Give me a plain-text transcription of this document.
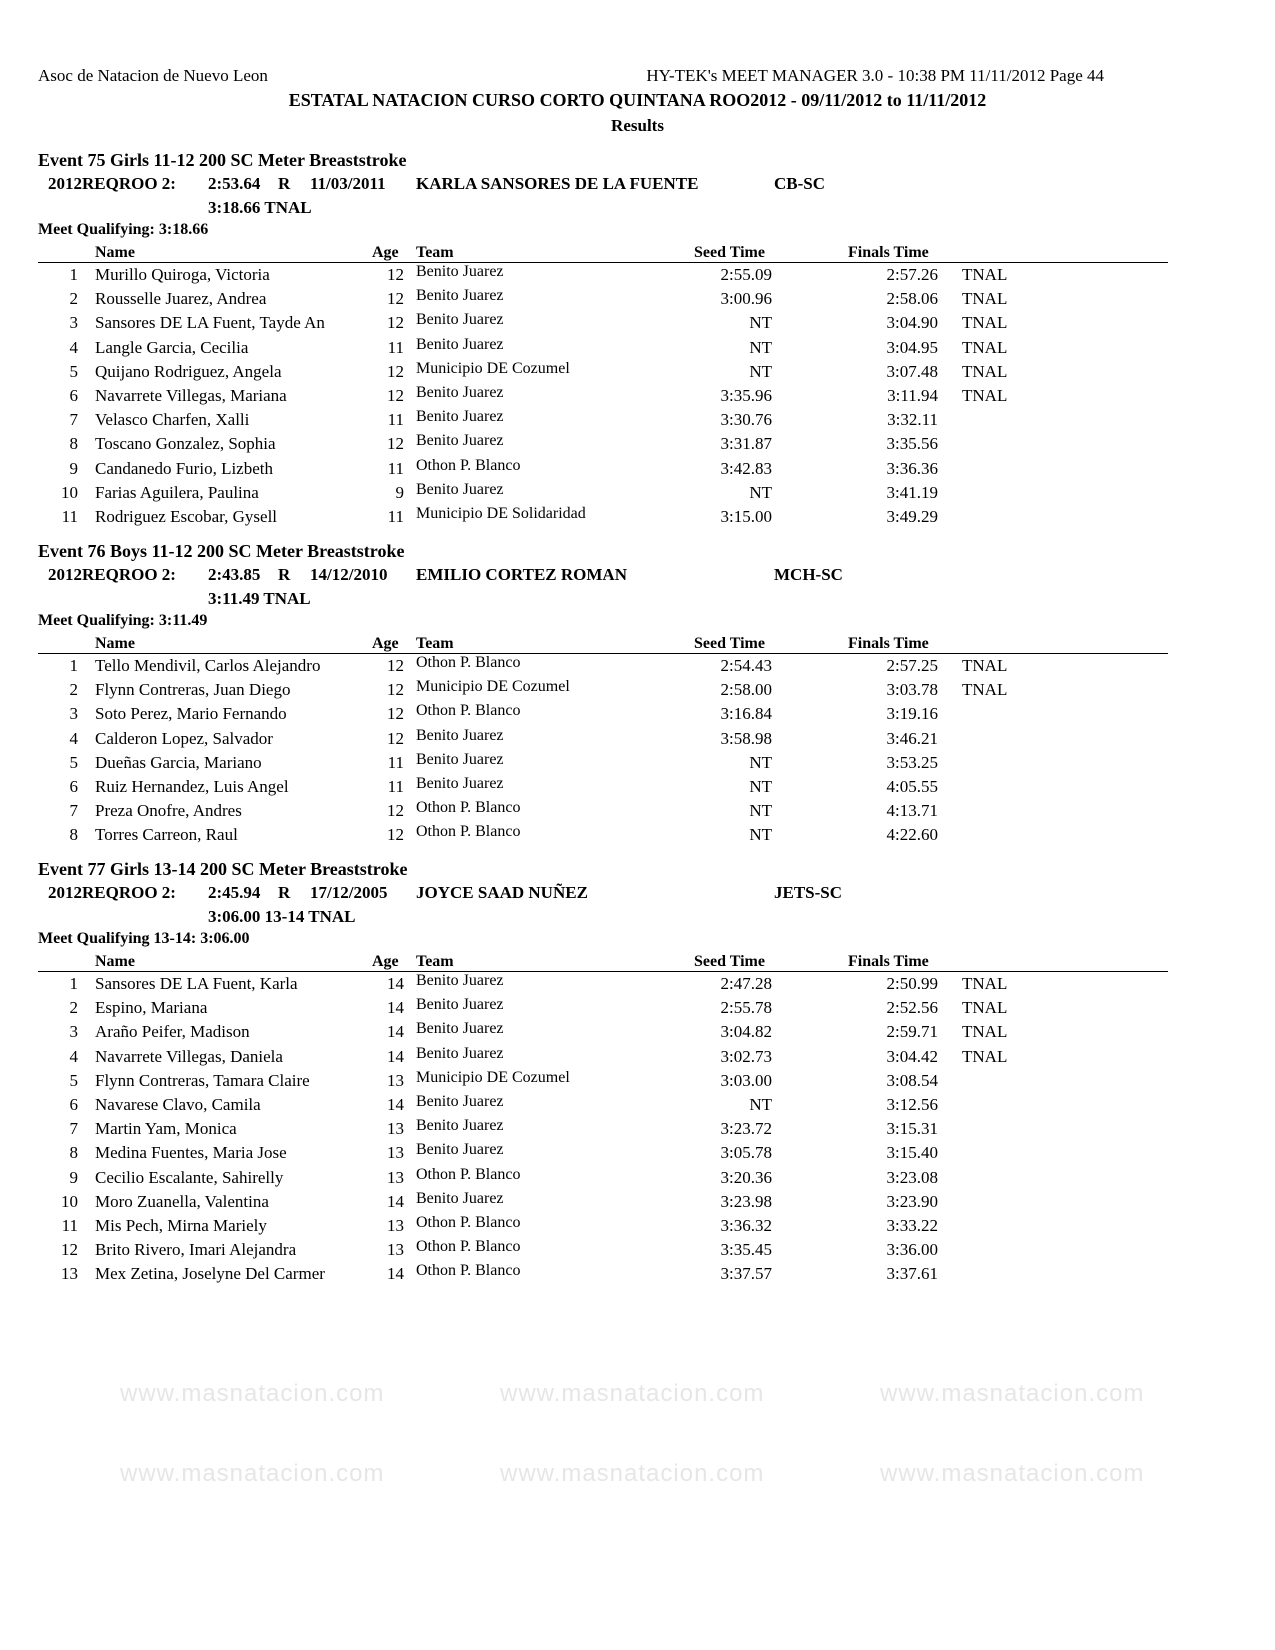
Asoc de Natacion de Nuevo Leon	HY-TEK's MEET MANAGER 3.0 - 10:38 PM 11/11/2012 Page 44
ESTATAL NATACION CURSO CORTO QUINTANA ROO2012 - 09/11/2012 to 11/11/2012
Results
www.masnatacion.com	www.masnatacion.com	www.masnatacion.com
www.masnatacion.com	www.masnatacion.com	www.masnatacion.com
Event 75 Girls 11-12 200 SC Meter Breaststroke
2012REQROO 2: 2:53.64 R 11/03/2011 KARLA SANSORES DE LA FUENTE	CB-SC
3:18.66 TNAL
Meet Qualifying: 3:18.66
Name	Age Team	Seed Time	Finals Time
1 Murillo Quiroga, Victoria	12 Benito Juarez	2:55.09	2:57.26 TNAL
2 Rousselle Juarez, Andrea	12 Benito Juarez	3:00.96	2:58.06 TNAL
3 Sansores DE LA Fuent, Tayde An	12 Benito Juarez	NT	3:04.90 TNAL
4 Langle Garcia, Cecilia	11 Benito Juarez	NT	3:04.95 TNAL
5 Quijano Rodriguez, Angela	12 Municipio DE Cozumel	NT	3:07.48 TNAL
6 Navarrete Villegas, Mariana	12 Benito Juarez	3:35.96	3:11.94 TNAL
7 Velasco Charfen, Xalli	11 Benito Juarez	3:30.76	3:32.11
8 Toscano Gonzalez, Sophia	12 Benito Juarez	3:31.87	3:35.56
9 Candanedo Furio, Lizbeth	11 Othon P. Blanco	3:42.83	3:36.36
10 Farias Aguilera, Paulina	9 Benito Juarez	NT	3:41.19
11 Rodriguez Escobar, Gysell	11 Municipio DE Solidaridad	3:15.00	3:49.29
Event 76 Boys 11-12 200 SC Meter Breaststroke
2012REQROO 2: 2:43.85 R 14/12/2010 EMILIO CORTEZ ROMAN	MCH-SC
3:11.49 TNAL
Meet Qualifying: 3:11.49
Name	Age Team	Seed Time	Finals Time
1 Tello Mendivil, Carlos Alejandro	12 Othon P. Blanco	2:54.43	2:57.25 TNAL
2 Flynn Contreras, Juan Diego	12 Municipio DE Cozumel	2:58.00	3:03.78 TNAL
3 Soto Perez, Mario Fernando	12 Othon P. Blanco	3:16.84	3:19.16
4 Calderon Lopez, Salvador	12 Benito Juarez	3:58.98	3:46.21
5 Dueñas Garcia, Mariano	11 Benito Juarez	NT	3:53.25
6 Ruiz Hernandez, Luis Angel	11 Benito Juarez	NT	4:05.55
7 Preza Onofre, Andres	12 Othon P. Blanco	NT	4:13.71
8 Torres Carreon, Raul	12 Othon P. Blanco	NT	4:22.60
Event 77 Girls 13-14 200 SC Meter Breaststroke
2012REQROO 2: 2:45.94 R 17/12/2005 JOYCE SAAD NUÑEZ	JETS-SC
3:06.00 13-14 TNAL
Meet Qualifying 13-14: 3:06.00
Name	Age Team	Seed Time	Finals Time
1 Sansores DE LA Fuent, Karla	14 Benito Juarez	2:47.28	2:50.99 TNAL
2 Espino, Mariana	14 Benito Juarez	2:55.78	2:52.56 TNAL
3 Araño Peifer, Madison	14 Benito Juarez	3:04.82	2:59.71 TNAL
4 Navarrete Villegas, Daniela	14 Benito Juarez	3:02.73	3:04.42 TNAL
5 Flynn Contreras, Tamara Claire	13 Municipio DE Cozumel	3:03.00	3:08.54
6 Navarese Clavo, Camila	14 Benito Juarez	NT	3:12.56
7 Martin Yam, Monica	13 Benito Juarez	3:23.72	3:15.31
8 Medina Fuentes, Maria Jose	13 Benito Juarez	3:05.78	3:15.40
9 Cecilio Escalante, Sahirelly	13 Othon P. Blanco	3:20.36	3:23.08
10 Moro Zuanella, Valentina	14 Benito Juarez	3:23.98	3:23.90
11 Mis Pech, Mirna Mariely	13 Othon P. Blanco	3:36.32	3:33.22
12 Brito Rivero, Imari Alejandra	13 Othon P. Blanco	3:35.45	3:36.00
13 Mex Zetina, Joselyne Del Carmer	14 Othon P. Blanco	3:37.57	3:37.61
